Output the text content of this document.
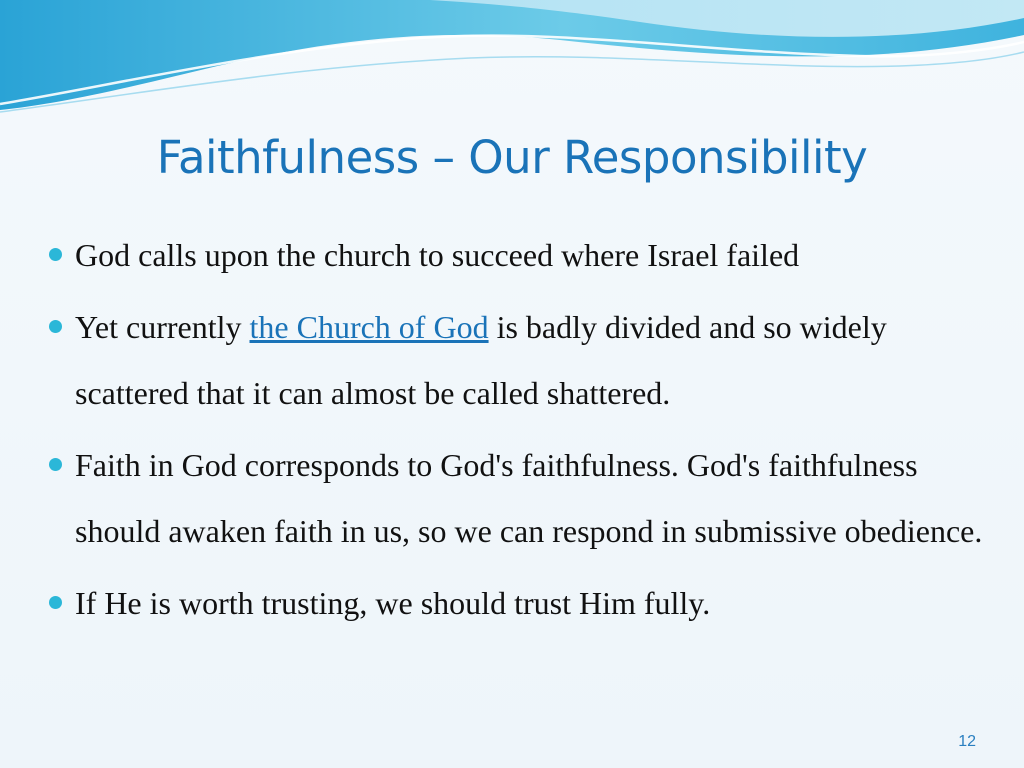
Faithfulness – Our Responsibility
God calls upon the church to succeed where Israel failed
Yet currently the Church of God is badly divided and so widely scattered that it can almost be called shattered.
Faith in God corresponds to God's faithfulness. God's faithfulness should awaken faith in us, so we can respond in submissive obedience.
If He is worth trusting, we should trust Him fully.
12
